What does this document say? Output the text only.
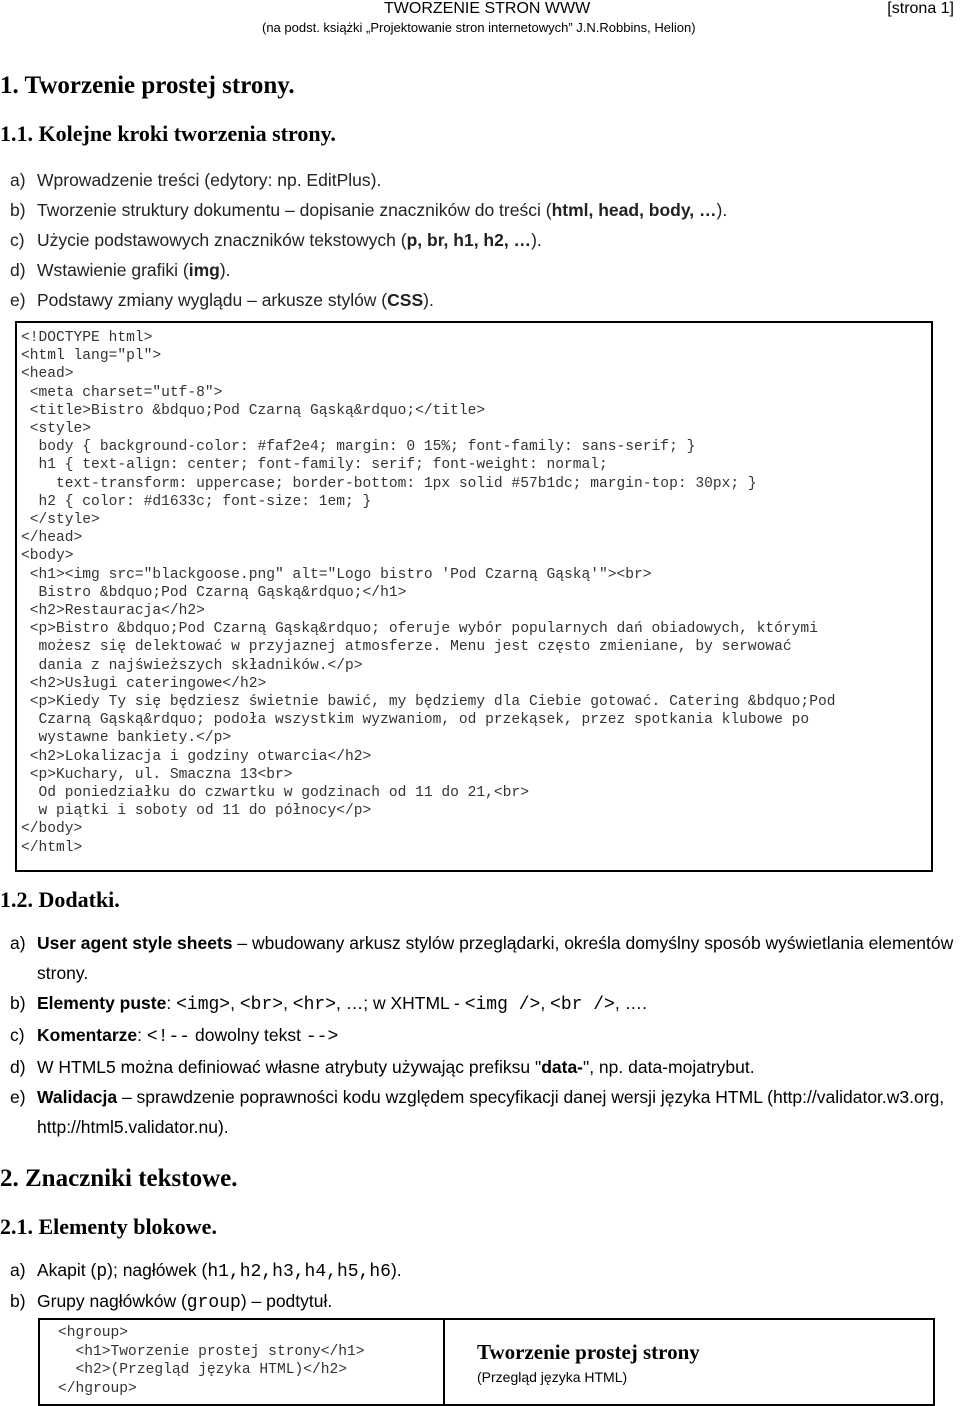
TWORZENIE STRON WWW	[strona 1]
(na podst. książki „Projektowanie stron internetowych” J.N.Robbins, Helion)
1. Tworzenie prostej strony.
1.1. Kolejne kroki tworzenia strony.
a) Wprowadzenie treści (edytory: np. EditPlus).
b) Tworzenie struktury dokumentu – dopisanie znaczników do treści (html, head, body, …).
c) Użycie podstawowych znaczników tekstowych (p, br, h1, h2, …).
d) Wstawienie grafiki (img).
e) Podstawy zmiany wyglądu – arkusze stylów (CSS).
<!DOCTYPE html>
<html lang="pl">
<head>
<meta charset="utf-8">
<title>Bistro &bdquo;Pod Czarną Gąską&rdquo;</title>
<style>
body { background-color: #faf2e4; margin: 0 15%; font-family: sans-serif; }
h1 { text-align: center; font-family: serif; font-weight: normal;
text-transform: uppercase; border-bottom: 1px solid #57b1dc; margin-top: 30px; }
h2 { color: #d1633c; font-size: 1em; }
</style>
</head>
<body>
<h1><img src="blackgoose.png" alt="Logo bistro 'Pod Czarną Gąską'"><br>
Bistro &bdquo;Pod Czarną Gąską&rdquo;</h1>
<h2>Restauracja</h2>
<p>Bistro &bdquo;Pod Czarną Gąską&rdquo; oferuje wybór popularnych dań obiadowych, którymi
możesz się delektować w przyjaznej atmosferze. Menu jest często zmieniane, by serwować
dania z najświeższych składników.</p>
<h2>Usługi cateringowe</h2>
<p>Kiedy Ty się będziesz świetnie bawić, my będziemy dla Ciebie gotować. Catering &bdquo;Pod
Czarną Gąską&rdquo; podoła wszystkim wyzwaniom, od przekąsek, przez spotkania klubowe po
wystawne bankiety.</p>
<h2>Lokalizacja i godziny otwarcia</h2>
<p>Kuchary, ul. Smaczna 13<br>
Od poniedziałku do czwartku w godzinach od 11 do 21,<br>
w piątki i soboty od 11 do północy</p>
</body>
</html>
1.2. Dodatki.
a) User agent style sheets – wbudowany arkusz stylów przeglądarki, określa domyślny sposób wyświetlania elementów strony.
b) Elementy puste: <img>, <br>, <hr>, …; w XHTML - <img />, <br />, ….
c) Komentarze: <!-- dowolny tekst -->
d) W HTML5 można definiować własne atrybuty używając prefiksu "data-", np. data-mojatrybut.
e) Walidacja – sprawdzenie poprawności kodu względem specyfikacji danej wersji języka HTML (http://validator.w3.org, http://html5.validator.nu).
2. Znaczniki tekstowe.
2.1. Elementy blokowe.
a) Akapit (p); nagłówek (h1,h2,h3,h4,h5,h6).
b) Grupy nagłówków (group) – podtytuł.
<hgroup>
<h1>Tworzenie prostej strony</h1>
<h2>(Przegląd języka HTML)</h2>
</hgroup>
Tworzenie prostej strony
(Przegląd języka HTML)
